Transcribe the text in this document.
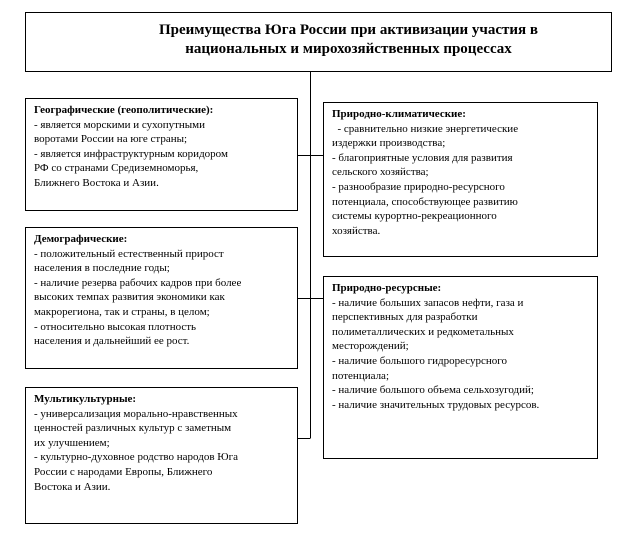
Преимущества Юга России при активизации участия в
национальных и мирохозяйственных процессах
Географические (геополитические):
- является морскими и сухопутными
воротами России на юге страны;
- является инфраструктурным коридором
РФ со странами Средиземноморья,
Ближнего Востока и Азии.
Демографические:
- положительный естественный прирост
населения в последние годы;
- наличие резерва рабочих кадров при более
высоких темпах развития экономики как
макрорегиона, так и страны, в целом;
- относительно высокая плотность
населения и дальнейший ее рост.
Мультикультурные:
- универсализация морально-нравственных
ценностей различных культур с заметным
их улучшением;
- культурно-духовное родство народов Юга
России с народами Европы, Ближнего
Востока и Азии.
Природно-климатические:
- сравнительно низкие энергетические
издержки производства;
- благоприятные условия для развития
сельского хозяйства;
- разнообразие природно-ресурсного
потенциала, способствующее развитию
системы курортно-рекреационного
хозяйства.
Природно-ресурсные:
- наличие больших запасов нефти, газа и
перспективных для разработки
полиметаллических и редкометальных
месторождений;
- наличие большого гидроресурсного
потенциала;
- наличие большого объема сельхозугодий;
- наличие значительных трудовых ресурсов.
